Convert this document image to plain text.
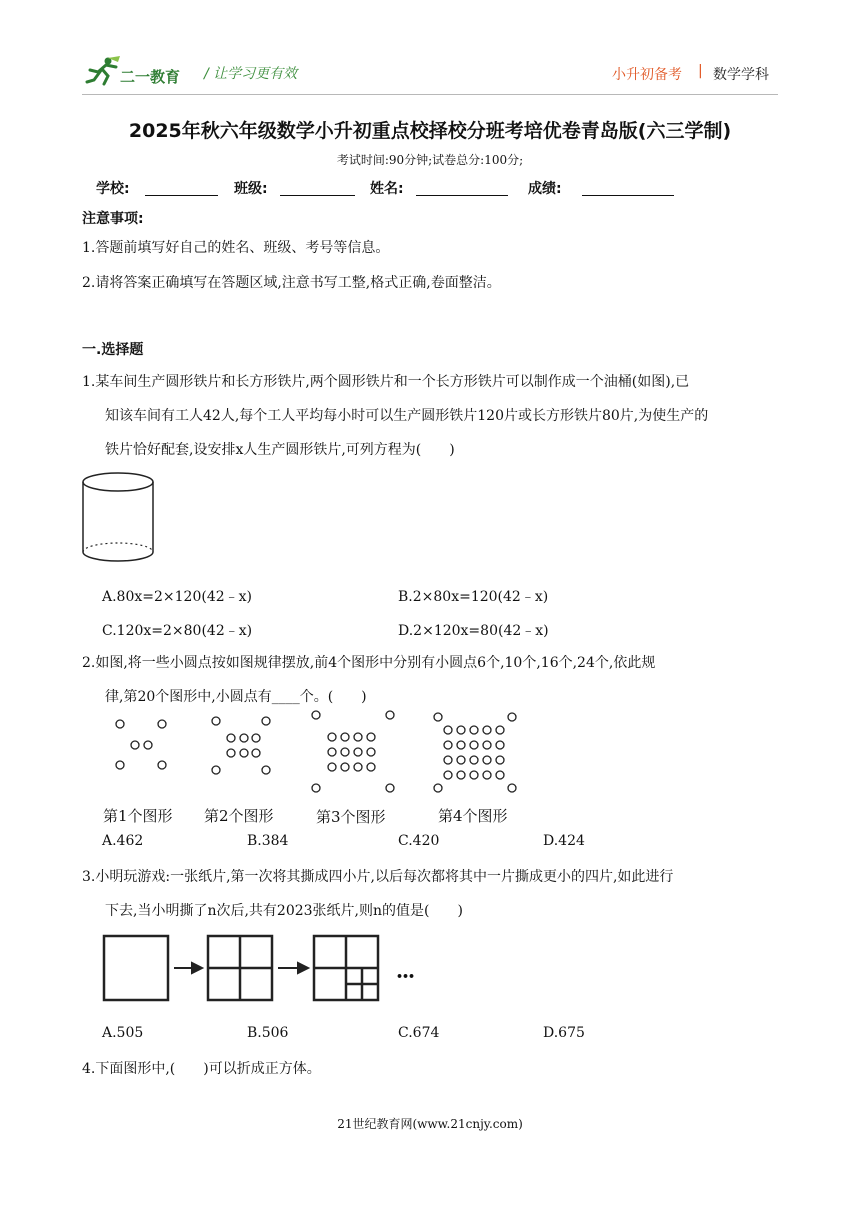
二一教育 / 让学习更有效	小升初备考 | 数学学科
2025年秋六年级数学小升初重点校择校分班考培优卷青岛版(六三学制)
考试时间:90分钟;试卷总分:100分;
学校:	班级:	姓名:	成绩:
注意事项:
1.答题前填写好自己的姓名、班级、考号等信息。
2.请将答案正确填写在答题区域,注意书写工整,格式正确,卷面整洁。
一.选择题
1.某车间生产圆形铁片和长方形铁片,两个圆形铁片和一个长方形铁片可以制作成一个油桶(如图),已
知该车间有工人42人,每个工人平均每小时可以生产圆形铁片120片或长方形铁片80片,为使生产的
铁片恰好配套,设安排x人生产圆形铁片,可列方程为(　　)
A.80x=2×120(42﹣x)	B.2×80x=120(42﹣x)
C.120x=2×80(42﹣x)	D.2×120x=80(42﹣x)
2.如图,将一些小圆点按如图规律摆放,前4个图形中分别有小圆点6个,10个,16个,24个,依此规
律,第20个图形中,小圆点有____个。(　　)
第1个图形 第2个图形	第3个图形	第4个图形
A.462	B.384	C.420	D.424
3.小明玩游戏:一张纸片,第一次将其撕成四小片,以后每次都将其中一片撕成更小的四片,如此进行
下去,当小明撕了n次后,共有2023张纸片,则n的值是(　　)
•••
A.505	B.506	C.674	D.675
4.下面图形中,(　　)可以折成正方体。
21世纪教育网(www.21cnjy.com)
